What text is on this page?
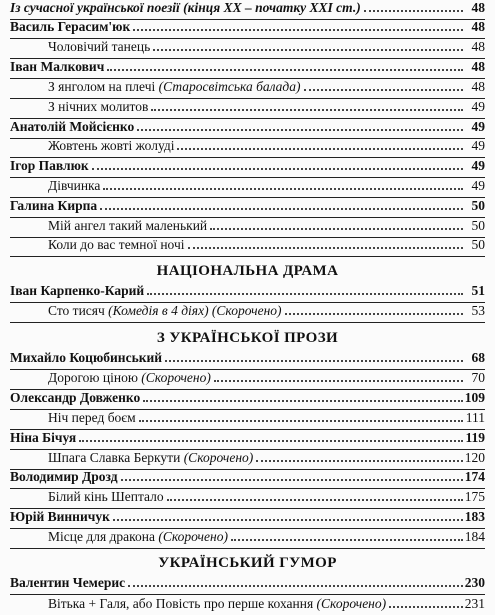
Із сучасної української поезії (кінця ХХ – початку ХХІ ст.)	48
Василь Герасим'юк	48
Чоловічий танець	48
Іван Малкович	48
З янголом на плечі (Старосвітська балада)	48
З нічних молитов	49
Анатолій Мойсієнко	49
Жовтень жовті жолуді	49
Ігор Павлюк	49
Дівчинка	49
Галина Кирпа	50
Мій ангел такий маленький	50
Коли до вас темної ночі	50
Іван Карпенко-Карий	51
Сто тисяч (Комедія в 4 діях) (Скорочено)	53
Михайло Коцюбинський	68
Дорогою ціною (Скорочено)	70
Олександр Довженко	109
Ніч перед боєм	111
Ніна Бічуя	119
Шпага Славка Беркути (Скорочено)	120
Володимир Дрозд	174
Білий кінь Шептало	175
Юрій Винничук	183
Місце для дракона (Скорочено)	184
Валентин Чемерис	230
Вітька + Галя, або Повість про перше кохання (Скорочено)	231
НАЦІОНАЛЬНА ДРАМА
З УКРАЇНСЬКОЇ ПРОЗИ
УКРАЇНСЬКИЙ ГУМОР
